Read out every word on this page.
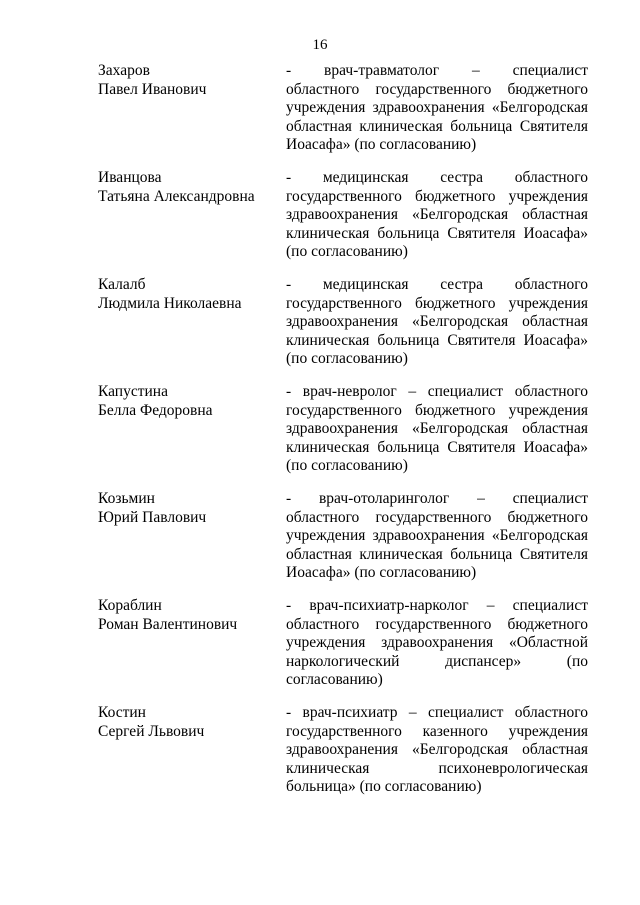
16
Захаров
Павел Иванович
- врач-травматолог – специалист
областного государственного бюджетного
учреждения здравоохранения «Белгородская
областная клиническая больница Святителя
Иоасафа» (по согласованию)
Иванцова
Татьяна Александровна
- медицинская сестра областного
государственного бюджетного учреждения
здравоохранения «Белгородская областная
клиническая больница Святителя Иоасафа»
(по согласованию)
Калалб
Людмила Николаевна
- медицинская сестра областного
государственного бюджетного учреждения
здравоохранения «Белгородская областная
клиническая больница Святителя Иоасафа»
(по согласованию)
Капустина
Белла Федоровна
- врач-невролог – специалист областного
государственного бюджетного учреждения
здравоохранения «Белгородская областная
клиническая больница Святителя Иоасафа»
(по согласованию)
Козьмин
Юрий Павлович
- врач-отоларинголог – специалист
областного государственного бюджетного
учреждения здравоохранения «Белгородская
областная клиническая больница Святителя
Иоасафа» (по согласованию)
Кораблин
Роман Валентинович
- врач-психиатр-нарколог – специалист
областного государственного бюджетного
учреждения здравоохранения «Областной
наркологический диспансер» (по
согласованию)
Костин
Сергей Львович
- врач-психиатр – специалист областного
государственного казенного учреждения
здравоохранения «Белгородская областная
клиническая психоневрологическая
больница» (по согласованию)
